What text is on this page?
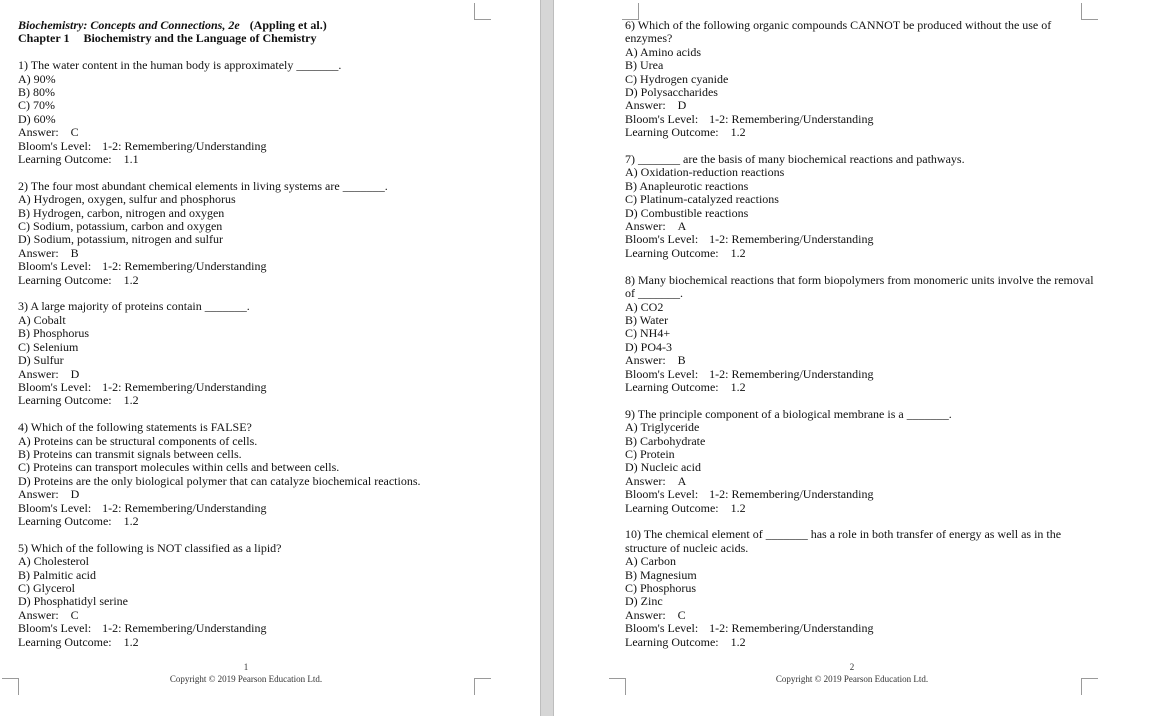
Biochemistry: Concepts and Connections, 2e (Appling et al.)
Chapter 1 Biochemistry and the Language of Chemistry
1) The water content in the human body is approximately _______.
A) 90%
B) 80%
C) 70%
D) 60%
Answer: C
Bloom's Level: 1-2: Remembering/Understanding
Learning Outcome: 1.1
2) The four most abundant chemical elements in living systems are _______.
A) Hydrogen, oxygen, sulfur and phosphorus
B) Hydrogen, carbon, nitrogen and oxygen
C) Sodium, potassium, carbon and oxygen
D) Sodium, potassium, nitrogen and sulfur
Answer: B
Bloom's Level: 1-2: Remembering/Understanding
Learning Outcome: 1.2
3) A large majority of proteins contain _______.
A) Cobalt
B) Phosphorus
C) Selenium
D) Sulfur
Answer: D
Bloom's Level: 1-2: Remembering/Understanding
Learning Outcome: 1.2
4) Which of the following statements is FALSE?
A) Proteins can be structural components of cells.
B) Proteins can transmit signals between cells.
C) Proteins can transport molecules within cells and between cells.
D) Proteins are the only biological polymer that can catalyze biochemical reactions.
Answer: D
Bloom's Level: 1-2: Remembering/Understanding
Learning Outcome: 1.2
5) Which of the following is NOT classified as a lipid?
A) Cholesterol
B) Palmitic acid
C) Glycerol
D) Phosphatidyl serine
Answer: C
Bloom's Level: 1-2: Remembering/Understanding
Learning Outcome: 1.2
1
Copyright © 2019 Pearson Education Ltd.
6) Which of the following organic compounds CANNOT be produced without the use of enzymes?
A) Amino acids
B) Urea
C) Hydrogen cyanide
D) Polysaccharides
Answer: D
Bloom's Level: 1-2: Remembering/Understanding
Learning Outcome: 1.2
7) _______ are the basis of many biochemical reactions and pathways.
A) Oxidation-reduction reactions
B) Anapleurotic reactions
C) Platinum-catalyzed reactions
D) Combustible reactions
Answer: A
Bloom's Level: 1-2: Remembering/Understanding
Learning Outcome: 1.2
8) Many biochemical reactions that form biopolymers from monomeric units involve the removal of _______.
A) CO2
B) Water
C) NH4+
D) PO4-3
Answer: B
Bloom's Level: 1-2: Remembering/Understanding
Learning Outcome: 1.2
9) The principle component of a biological membrane is a _______.
A) Triglyceride
B) Carbohydrate
C) Protein
D) Nucleic acid
Answer: A
Bloom's Level: 1-2: Remembering/Understanding
Learning Outcome: 1.2
10) The chemical element of _______ has a role in both transfer of energy as well as in the structure of nucleic acids.
A) Carbon
B) Magnesium
C) Phosphorus
D) Zinc
Answer: C
Bloom's Level: 1-2: Remembering/Understanding
Learning Outcome: 1.2
2
Copyright © 2019 Pearson Education Ltd.
